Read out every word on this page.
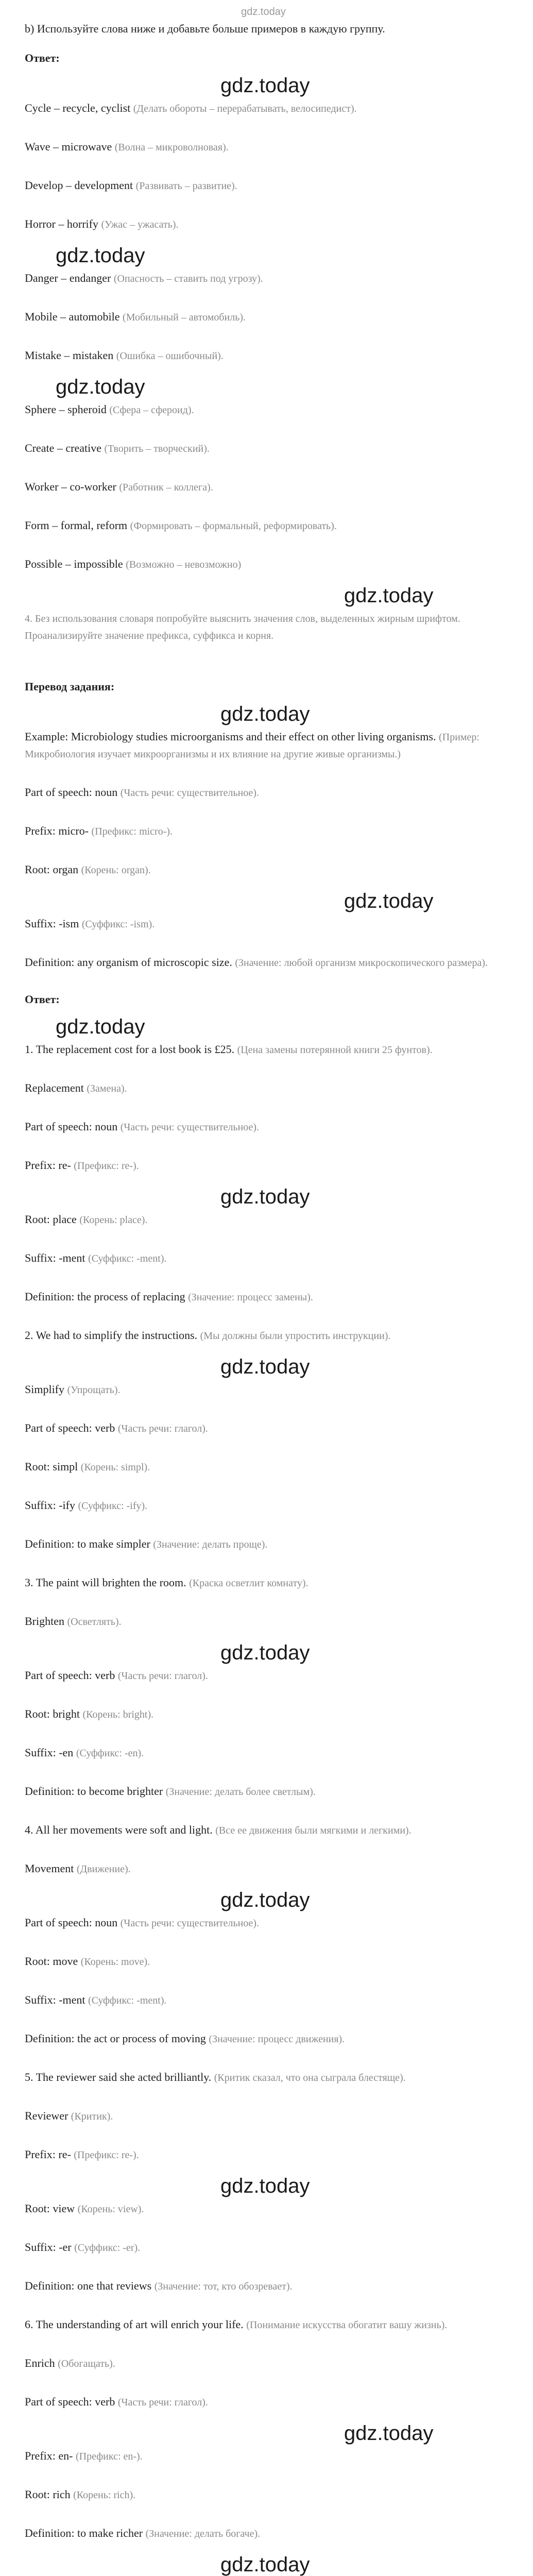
gdz.today
b) Используйте слова ниже и добавьте больше примеров в каждую группу.
Ответ:
gdz.today
Cycle – recycle, cyclist (Делать обороты – перерабатывать, велосипедист).
Wave – microwave (Волна – микроволновая).
Develop – development (Развивать – развитие).
Horror – horrify (Ужас – ужасать).
gdz.today
Danger – endanger (Опасность – ставить под угрозу).
Mobile – automobile (Мобильный – автомобиль).
Mistake – mistaken (Ошибка – ошибочный).
gdz.today
Sphere – spheroid (Сфера – сфероид).
Create – creative (Творить – творческий).
Worker – co-worker (Работник – коллега).
Form – formal, reform (Формировать – формальный, реформировать).
Possible – impossible (Возможно – невозможно)
gdz.today
4. Без использования словаря попробуйте выяснить значения слов, выделенных жирным шрифтом. Проанализируйте значение префикса, суффикса и корня.
Перевод задания:
gdz.today
Example: Microbiology studies microorganisms and their effect on other living organisms. (Пример: Микробиология изучает микроорганизмы и их влияние на другие живые организмы.)
Part of speech: noun (Часть речи: существительное).
Prefix: micro- (Префикс: micro-).
Root: organ (Корень: organ).
gdz.today
Suffix: -ism (Суффикс: -ism).
Definition: any organism of microscopic size. (Значение: любой организм микроскопического размера).
Ответ:
gdz.today
1. The replacement cost for a lost book is £25. (Цена замены потерянной книги 25 фунтов).
Replacement (Замена).
Part of speech: noun (Часть речи: существительное).
Prefix: re- (Префикс: re-).
gdz.today
Root: place (Корень: place).
Suffix: -ment (Суффикс: -ment).
Definition: the process of replacing (Значение: процесс замены).
2. We had to simplify the instructions. (Мы должны были упростить инструкции).
gdz.today
Simplify (Упрощать).
Part of speech: verb (Часть речи: глагол).
Root: simpl (Корень: simpl).
Suffix: -ify (Суффикс: -ify).
Definition: to make simpler (Значение: делать проще).
3. The paint will brighten the room. (Краска осветлит комнату).
Brighten (Осветлять).
gdz.today
Part of speech: verb (Часть речи: глагол).
Root: bright (Корень: bright).
Suffix: -en (Суффикс: -en).
Definition: to become brighter (Значение: делать более светлым).
4. All her movements were soft and light. (Все ее движения были мягкими и легкими).
Movement (Движение).
gdz.today
Part of speech: noun (Часть речи: существительное).
Root: move (Корень: move).
Suffix: -ment (Суффикс: -ment).
Definition: the act or process of moving (Значение: процесс движения).
5. The reviewer said she acted brilliantly. (Критик сказал, что она сыграла блестяще).
Reviewer (Критик).
Prefix: re- (Префикс: re-).
gdz.today
Root: view (Корень: view).
Suffix: -er (Суффикс: -er).
Definition: one that reviews (Значение: тот, кто обозревает).
6. The understanding of art will enrich your life. (Понимание искусства обогатит вашу жизнь).
Enrich (Обогащать).
Part of speech: verb (Часть речи: глагол).
gdz.today
Prefix: en- (Префикс: en-).
Root: rich (Корень: rich).
Definition: to make richer (Значение: делать богаче).
gdz.today
